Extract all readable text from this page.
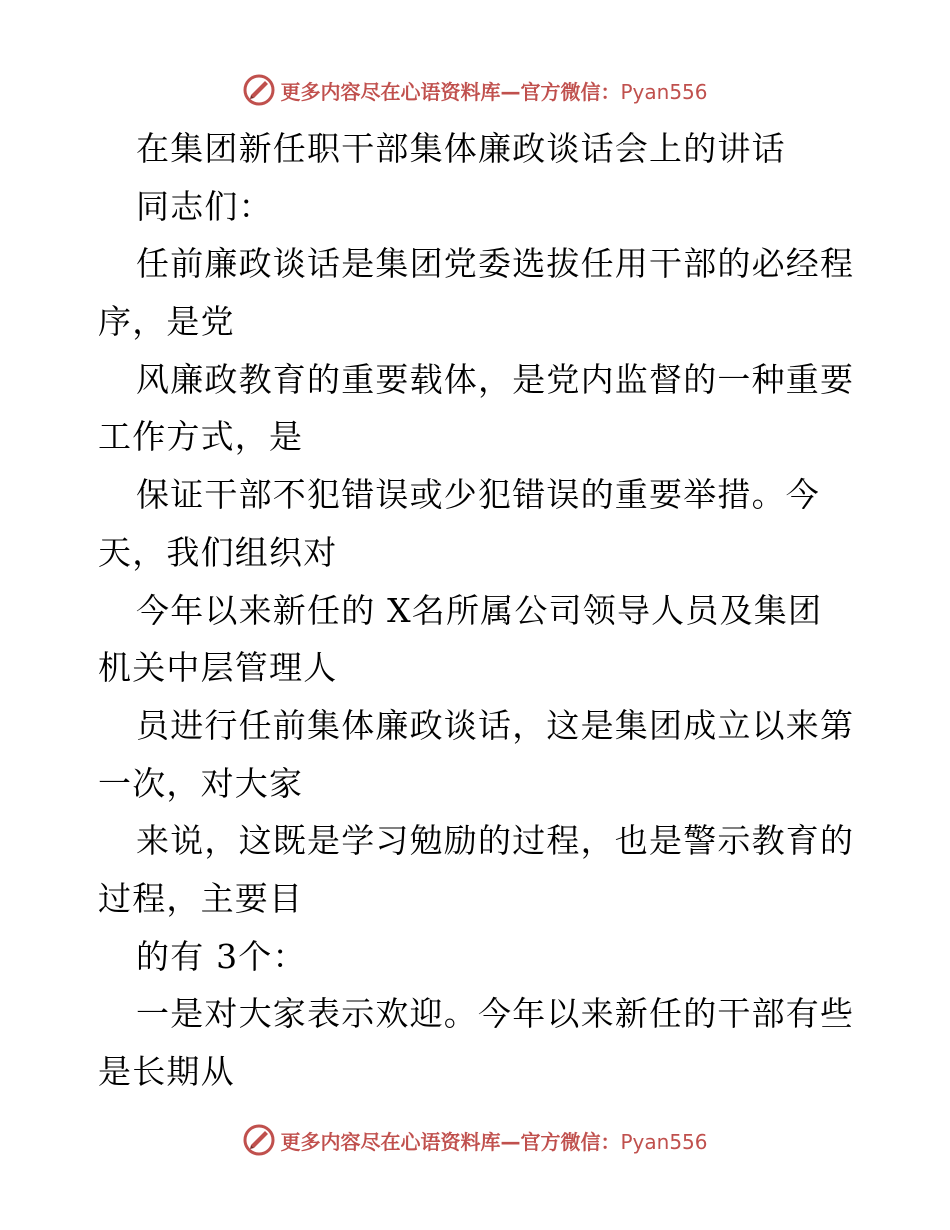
更多内容尽在心语资料库—官方微信：Pyan556
在集团新任职干部集体廉政谈话会上的讲话
同志们：
任前廉政谈话是集团党委选拔任用干部的必经程
序，是党
风廉政教育的重要载体，是党内监督的一种重要
工作方式，是
保证干部不犯错误或少犯错误的重要举措。今
天，我们组织对
今年以来新任的 X名所属公司领导人员及集团
机关中层管理人
员进行任前集体廉政谈话，这是集团成立以来第
一次，对大家
来说，这既是学习勉励的过程，也是警示教育的
过程，主要目
的有 3个：
一是对大家表示欢迎。今年以来新任的干部有些
是长期从
更多内容尽在心语资料库—官方微信：Pyan556
